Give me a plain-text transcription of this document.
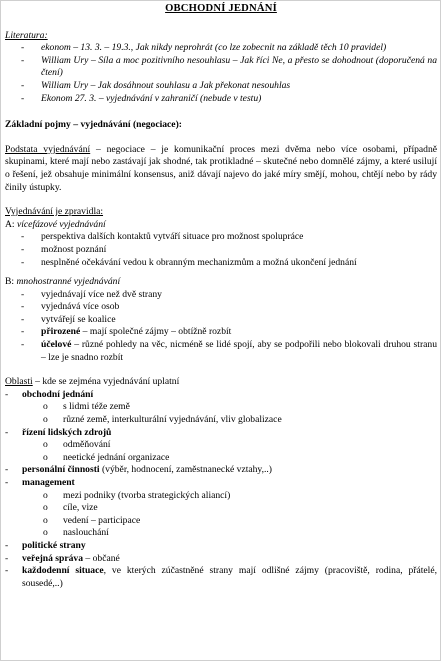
OBCHODNÍ JEDNÁNÍ
Literatura:
- ekonom – 13. 3. – 19.3., Jak nikdy neprohrát (co lze zobecnit na základě těch 10 pravidel)
- William Ury – Síla a moc pozitivního nesouhlasu – Jak říci Ne, a přesto se dohodnout (doporučená na čtení)
- William Ury – Jak dosáhnout souhlasu a Jak překonat nesouhlas
- Ekonom 27. 3. – vyjednávání v zahraničí (nebude v testu)
Základní pojmy – vyjednávání (negociace):
Podstata vyjednávání – negociace – je komunikační proces mezi dvěma nebo více osobami, případně skupinami, které mají nebo zastávají jak shodné, tak protikladné – skutečné nebo domnělé zájmy, a které usilují o řešení, jež obsahuje minimální konsensus, aniž dávají najevo do jaké míry smějí, mohou, chtějí nebo by rády činily ústupky.
Vyjednávání je zpravidla:
A: vícefázové vyjednávání
- perspektiva dalších kontaktů vytváří situace pro možnost spolupráce
- možnost poznání
- nesplněné očekávání vedou k obranným mechanizmům a možná ukončení jednání
B: mnohostranné vyjednávání
- vyjednávají více než dvě strany
- vyjednává více osob
- vytvářejí se koalice
- přirozené – mají společné zájmy – obtížně rozbít
- účelové – různé pohledy na věc, nicméně se lidé spojí, aby se podpořili nebo blokovali druhou stranu – lze je snadno rozbít
Oblasti – kde se zejména vyjednávání uplatní
- obchodní jednání
o s lidmi téže země
o různé země, interkulturální vyjednávání, vliv globalizace
- řízení lidských zdrojů
o odměňování
o neetické jednání organizace
- personální činnosti (výběr, hodnocení, zaměstnanecké vztahy,..)
- management
o mezi podniky (tvorba strategických aliancí)
o cíle, vize
o vedení – participace
o naslouchání
- politické strany
- veřejná správa – občané
- každodenní situace, ve kterých zúčastněné strany mají odlišné zájmy (pracoviště, rodina, přátelé, sousedé,..)
